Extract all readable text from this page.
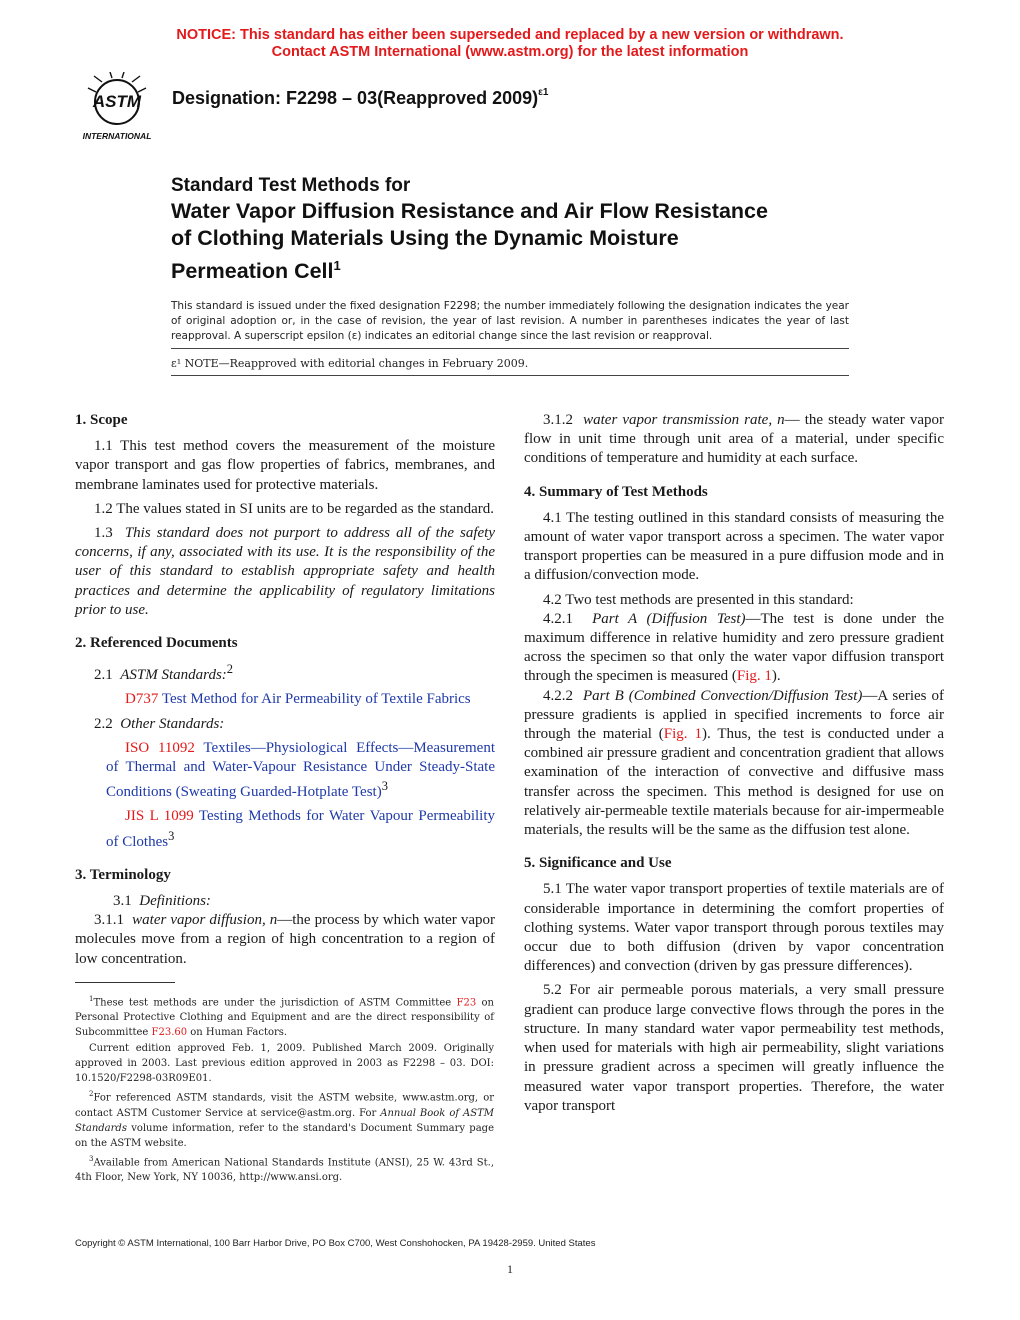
NOTICE: This standard has either been superseded and replaced by a new version or withdrawn.
Contact ASTM International (www.astm.org) for the latest information
ASTM
INTERNATIONAL
Designation: F2298 – 03(Reapproved 2009)$^{\varepsilon 1}$
Standard Test Methods for
Water Vapor Diffusion Resistance and Air Flow Resistance
of Clothing Materials Using the Dynamic Moisture
Permeation Cell$^1$
This standard is issued under the fixed designation F2298; the number immediately following the designation indicates the year of original adoption or, in the case of revision, the year of last revision. A number in parentheses indicates the year of last reapproval. A superscript epsilon (ε) indicates an editorial change since the last revision or reapproval.
ε¹ NOTE—Reapproved with editorial changes in February 2009.
1. Scope

1.1 This test method covers the measurement of the moisture vapor transport and gas flow properties of fabrics, membranes, and membrane laminates used for protective materials.

1.2 The values stated in SI units are to be regarded as the standard.

1.3 This standard does not purport to address all of the safety concerns, if any, associated with its use. It is the responsibility of the user of this standard to establish appropriate safety and health practices and determine the applicability of regulatory limitations prior to use.

2. Referenced Documents

2.1 ASTM Standards:$^2$

D737 Test Method for Air Permeability of Textile Fabrics

2.2 Other Standards:

ISO 11092 Textiles—Physiological Effects—Measurement of Thermal and Water-Vapour Resistance Under Steady-State Conditions (Sweating Guarded-Hotplate Test)$^3$

JIS L 1099 Testing Methods for Water Vapour Permeability of Clothes$^3$

3. Terminology

3.1 Definitions:

3.1.1 water vapor diffusion, n—the process by which water vapor molecules move from a region of high concentration to a region of low concentration.

3.1.2 water vapor transmission rate, n— the steady water vapor flow in unit time through unit area of a material, under specific conditions of temperature and humidity at each surface.

4. Summary of Test Methods

4.1 The testing outlined in this standard consists of measuring the amount of water vapor transport across a specimen. The water vapor transport properties can be measured in a pure diffusion mode and in a diffusion/convection mode.

4.2 Two test methods are presented in this standard:

4.2.1 Part A (Diffusion Test)—The test is done under the maximum difference in relative humidity and zero pressure gradient across the specimen so that only the water vapor diffusion transport through the specimen is measured (Fig. 1).

4.2.2 Part B (Combined Convection/Diffusion Test)—A series of pressure gradients is applied in specified increments to force air through the material (Fig. 1). Thus, the test is conducted under a combined air pressure gradient and concentration gradient that allows examination of the interaction of convective and diffusive mass transfer across the specimen. This method is designed for use on relatively air-permeable textile materials because for air-impermeable materials, the results will be the same as the diffusion test alone.

5. Significance and Use

5.1 The water vapor transport properties of textile materials are of considerable importance in determining the comfort properties of clothing systems. Water vapor transport through porous textiles may occur due to both diffusion (driven by vapor concentration differences) and convection (driven by gas pressure differences).

5.2 For air permeable porous materials, a very small pressure gradient can produce large convective flows through the pores in the structure. In many standard water vapor permeability test methods, when used for materials with high air permeability, slight variations in pressure gradient across a specimen will greatly influence the measured water vapor transport properties. Therefore, the water vapor transport

$^1$These test methods are under the jurisdiction of ASTM Committee F23 on Personal Protective Clothing and Equipment and are the direct responsibility of Subcommittee F23.60 on Human Factors.

Current edition approved Feb. 1, 2009. Published March 2009. Originally approved in 2003. Last previous edition approved in 2003 as F2298 – 03. DOI: 10.1520/F2298-03R09E01.

$^2$For referenced ASTM standards, visit the ASTM website, www.astm.org, or contact ASTM Customer Service at service@astm.org. For Annual Book of ASTM Standards volume information, refer to the standard's Document Summary page on the ASTM website.

$^3$Available from American National Standards Institute (ANSI), 25 W. 43rd St., 4th Floor, New York, NY 10036, http://www.ansi.org.

Copyright © ASTM International, 100 Barr Harbor Drive, PO Box C700, West Conshohocken, PA 19428-2959. United States
1
